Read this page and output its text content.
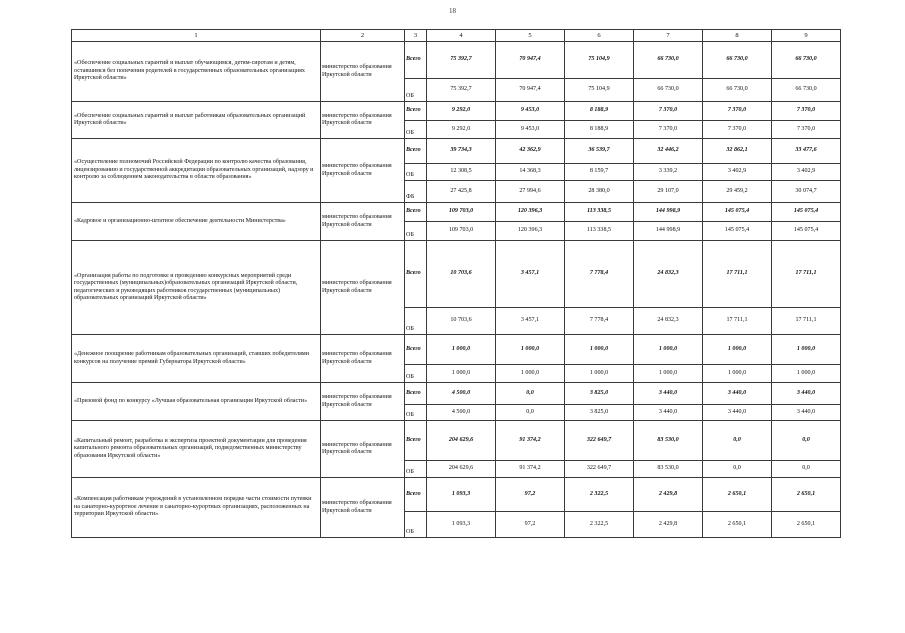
18
1	2	3	4	5	6	7	8	9
«Обеспечение социальных гарантий и выплат обучающимся, детям-сиротам и детям, оставшимся без попечения родителей в государственных образовательных организациях Иркутской области»	министерство образования Иркутской области	Всего	75 392,7	70 947,4	75 104,9	66 730,0	66 730,0	66 730,0
		ОБ	75 392,7	70 947,4	75 104,9	66 730,0	66 730,0	66 730,0
«Обеспечение социальных гарантий и выплат работникам образовательных организаций Иркутской области»	министерство образования Иркутской области	Всего	9 292,0	9 453,0	8 188,9	7 370,0	7 370,0	7 370,0
		ОБ	9 292,0	9 453,0	8 188,9	7 370,0	7 370,0	7 370,0
«Осуществление полномочий Российской Федерации по контролю качества образования, лицензированию и государственной аккредитации образовательных организаций, надзору и контролю за соблюдением законодательства в области образования»	министерство образования Иркутской области	Всего	39 734,3	42 362,9	36 539,7	32 446,2	32 862,1	33 477,6
		ОБ	12 308,5	14 368,3	8 159,7	3 339,2	3 402,9	3 402,9
		ФБ	27 425,8	27 994,6	28 380,0	29 107,0	29 459,2	30 074,7
«Кадровое и организационно-штатное обеспечение деятельности Министерства»	министерство образования Иркутской области	Всего	109 703,0	120 396,3	113 338,5	144 998,9	145 075,4	145 075,4
		ОБ	109 703,0	120 396,3	113 338,5	144 998,9	145 075,4	145 075,4
«Организация работы по подготовке и проведению конкурсных мероприятий среди государственных (муниципальных)образовательных организаций Иркутской области, педагогических и руководящих работников государственных (муниципальных) образовательных организаций Иркутской области»	министерство образования Иркутской области	Всего	10 703,6	3 457,1	7 778,4	24 832,3	17 711,1	17 711,1
		ОБ	10 703,6	3 457,1	7 778,4	24 832,3	17 711,1	17 711,1
«Денежное поощрение работникам образовательных организаций, ставших победителями конкурсов на получение премий Губернатора Иркутской области»	министерство образования Иркутской области	Всего	1 000,0	1 000,0	1 000,0	1 000,0	1 000,0	1 000,0
		ОБ	1 000,0	1 000,0	1 000,0	1 000,0	1 000,0	1 000,0
«Призовой фонд по конкурсу «Лучшая образовательная организация Иркутской области»	министерство образования Иркутской области	Всего	4 500,0	0,0	3 825,0	3 440,0	3 440,0	3 440,0
		ОБ	4 500,0	0,0	3 825,0	3 440,0	3 440,0	3 440,0
«Капитальный ремонт, разработка и экспертиза проектной документации для проведения капитального ремонта образовательных организаций, подведомственных министерству образования Иркутской области»	министерство образования Иркутской области	Всего	204 629,6	91 374,2	322 649,7	83 530,0	0,0	0,0
		ОБ	204 629,6	91 374,2	322 649,7	83 530,0	0,0	0,0
«Компенсация работникам учреждений в установленном порядке части стоимости путевки на санаторно-курортное лечение в санаторно-курортных организациях, расположенных на территории Иркутской области»	министерство образования Иркутской области	Всего	1 093,3	97,2	2 322,5	2 429,8	2 650,1	2 650,1
		ОБ	1 093,3	97,2	2 322,5	2 429,8	2 650,1	2 650,1
